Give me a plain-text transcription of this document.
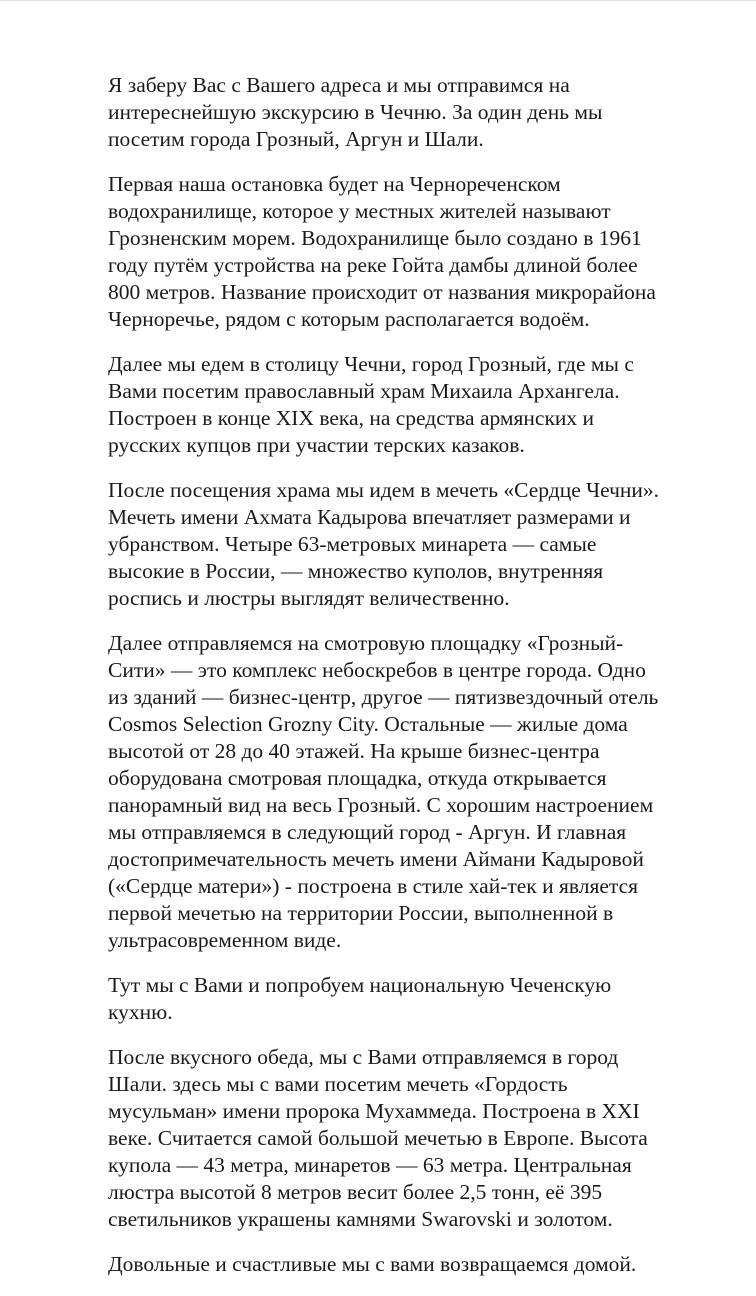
Я заберу Вас с Вашего адреса и мы отправимся на
интереснейшую экскурсию в Чечню. За один день мы
посетим города Грозный, Аргун и Шали.

Первая наша остановка будет на Чернореченском
водохранилище, которое у местных жителей называют
Грозненским морем. Водохранилище было создано в 1961
году путём устройства на реке Гойта дамбы длиной более
800 метров. Название происходит от названия микрорайона
Черноречье, рядом с которым располагается водоём.

Далее мы едем в столицу Чечни, город Грозный, где мы с
Вами посетим православный храм Михаила Архангела.
Построен в конце XIX века, на средства армянских и
русских купцов при участии терских казаков.

После посещения храма мы идем в мечеть «Сердце Чечни».
Мечеть имени Ахмата Кадырова впечатляет размерами и
убранством. Четыре 63-метровых минарета — самые
высокие в России, — множество куполов, внутренняя
роспись и люстры выглядят величественно.

Далее отправляемся на смотровую площадку «Грозный-
Сити» — это комплекс небоскребов в центре города. Одно
из зданий — бизнес-центр, другое — пятизвездочный отель
Cosmos Selection Grozny City. Остальные — жилые дома
высотой от 28 до 40 этажей. На крыше бизнес-центра
оборудована смотровая площадка, откуда открывается
панорамный вид на весь Грозный. С хорошим настроением
мы отправляемся в следующий город - Аргун. И главная
достопримечательность мечеть имени Аймани Кадыровой
(«Сердце матери») - построена в стиле хай-тек и является
первой мечетью на территории России, выполненной в
ультрасовременном виде.

Тут мы с Вами и попробуем национальную Чеченскую
кухню.

После вкусного обеда, мы с Вами отправляемся в город
Шали. здесь мы с вами посетим мечеть «Гордость
мусульман» имени пророка Мухаммеда. Построена в XXI
веке. Считается самой большой мечетью в Европе. Высота
купола — 43 метра, минаретов — 63 метра. Центральная
люстра высотой 8 метров весит более 2,5 тонн, её 395
светильников украшены камнями Swarovski и золотом.

Довольные и счастливые мы с вами возвращаемся домой.
